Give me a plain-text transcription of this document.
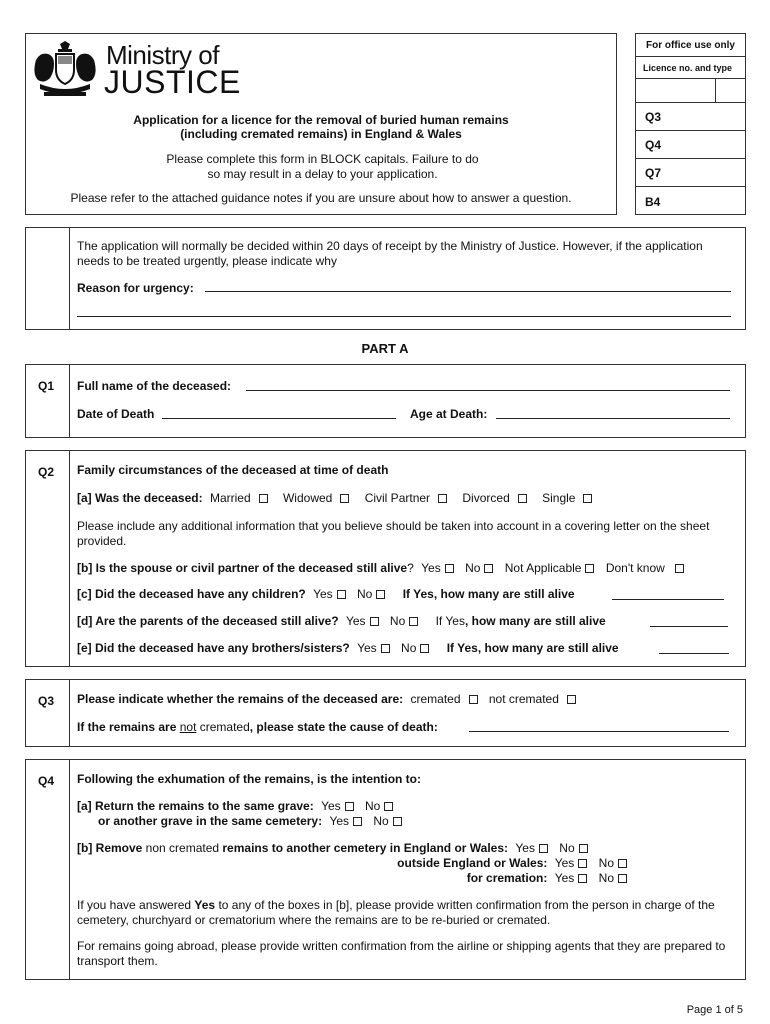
Ministry of
JUSTICE
Application for a licence for the removal of buried human remains
(including cremated remains) in England & Wales
Please complete this form in BLOCK capitals. Failure to do so may result in a delay to your application.
Please refer to the attached guidance notes if you are unsure about how to answer a question.
For office use only
Licence no. and type
Q3
Q4
Q7
B4
The application will normally be decided within 20 days of receipt by the Ministry of Justice. However, if the application needs to be treated urgently, please indicate why
Reason for urgency:
PART A
Q1	Full name of the deceased:
Date of Death	Age at Death:
Q2	Family circumstances of the deceased at time of death
[a] Was the deceased: Married	Widowed	Civil Partner	Divorced	Single
Please include any additional information that you believe should be taken into account in a covering letter on the sheet provided.
[b] Is the spouse or civil partner of the deceased still alive? Yes No Not Applicable Don't know
[c] Did the deceased have any children? Yes No	If Yes, how many are still alive
[d] Are the parents of the deceased still alive? Yes No	If Yes, how many are still alive
[e] Did the deceased have any brothers/sisters? Yes No	If Yes, how many are still alive
Q3	Please indicate whether the remains of the deceased are: cremated not cremated
If the remains are not cremated, please state the cause of death:
Q4	Following the exhumation of the remains, is the intention to:
[a] Return the remains to the same grave: Yes No
or another grave in the same cemetery: Yes No
[b] Remove non cremated remains to another cemetery in England or Wales: Yes No
outside England or Wales: Yes No
for cremation: Yes No
If you have answered Yes to any of the boxes in [b], please provide written confirmation from the person in charge of the cemetery, churchyard or crematorium where the remains are to be re-buried or cremated.
For remains going abroad, please provide written confirmation from the airline or shipping agents that they are prepared to transport them.
Page 1 of 5
